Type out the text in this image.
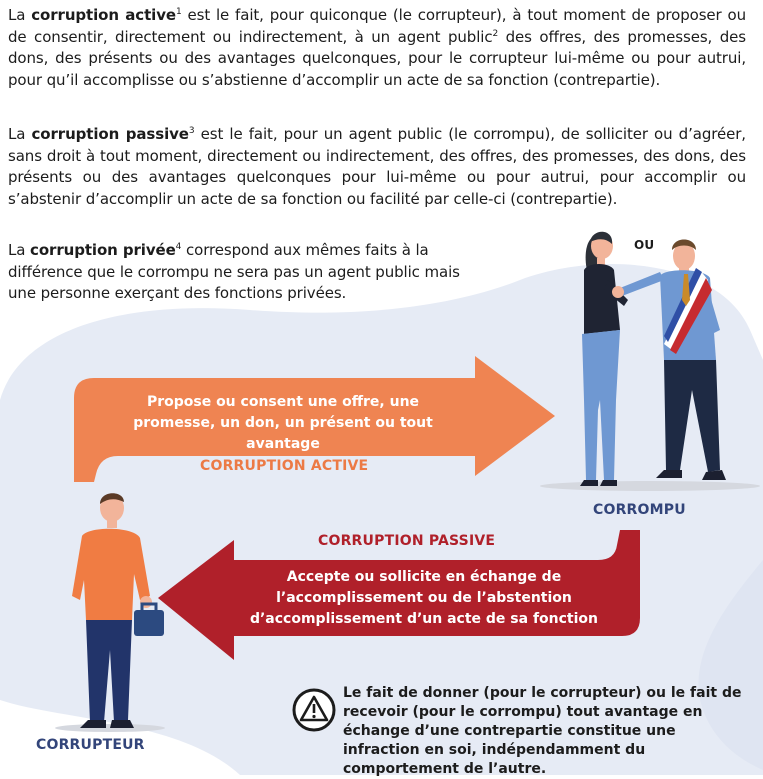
La corruption active$^1$ est le fait, pour quiconque (le corrupteur), à tout moment de proposer ou de consentir, directement ou indirectement, à un agent public$^2$ des offres, des promesses, des dons, des présents ou des avantages quelconques, pour le corrupteur lui-même ou pour autrui, pour qu’il accomplisse ou s’abstienne d’accomplir un acte de sa fonction (contrepartie).

La corruption passive$^3$ est le fait, pour un agent public (le corrompu), de solliciter ou d’agréer, sans droit à tout moment, directement ou indirectement, des offres, des promesses, des dons, des présents ou des avantages quelconques pour lui-même ou pour autrui, pour accomplir ou s’abstenir d’accomplir un acte de sa fonction ou facilité par celle-ci (contrepartie).

La corruption privée$^4$ correspond aux mêmes faits à la différence que le corrompu ne sera pas un agent public mais une personne exerçant des fonctions privées.

Propose ou consent une offre, une promesse, un don, un présent ou tout avantage
Accepte ou sollicite en échange de l’accomplissement ou de l’abstention d’accomplissement d’un acte de sa fonction
CORRUPTION ACTIVE
CORRUPTION PASSIVE
CORROMPU
CORRUPTEUR
OU

Le fait de donner (pour le corrupteur) ou le fait de recevoir (pour le corrompu) tout avantage en échange d’une contrepartie constitue une infraction en soi, indépendamment du comportement de l’autre.
